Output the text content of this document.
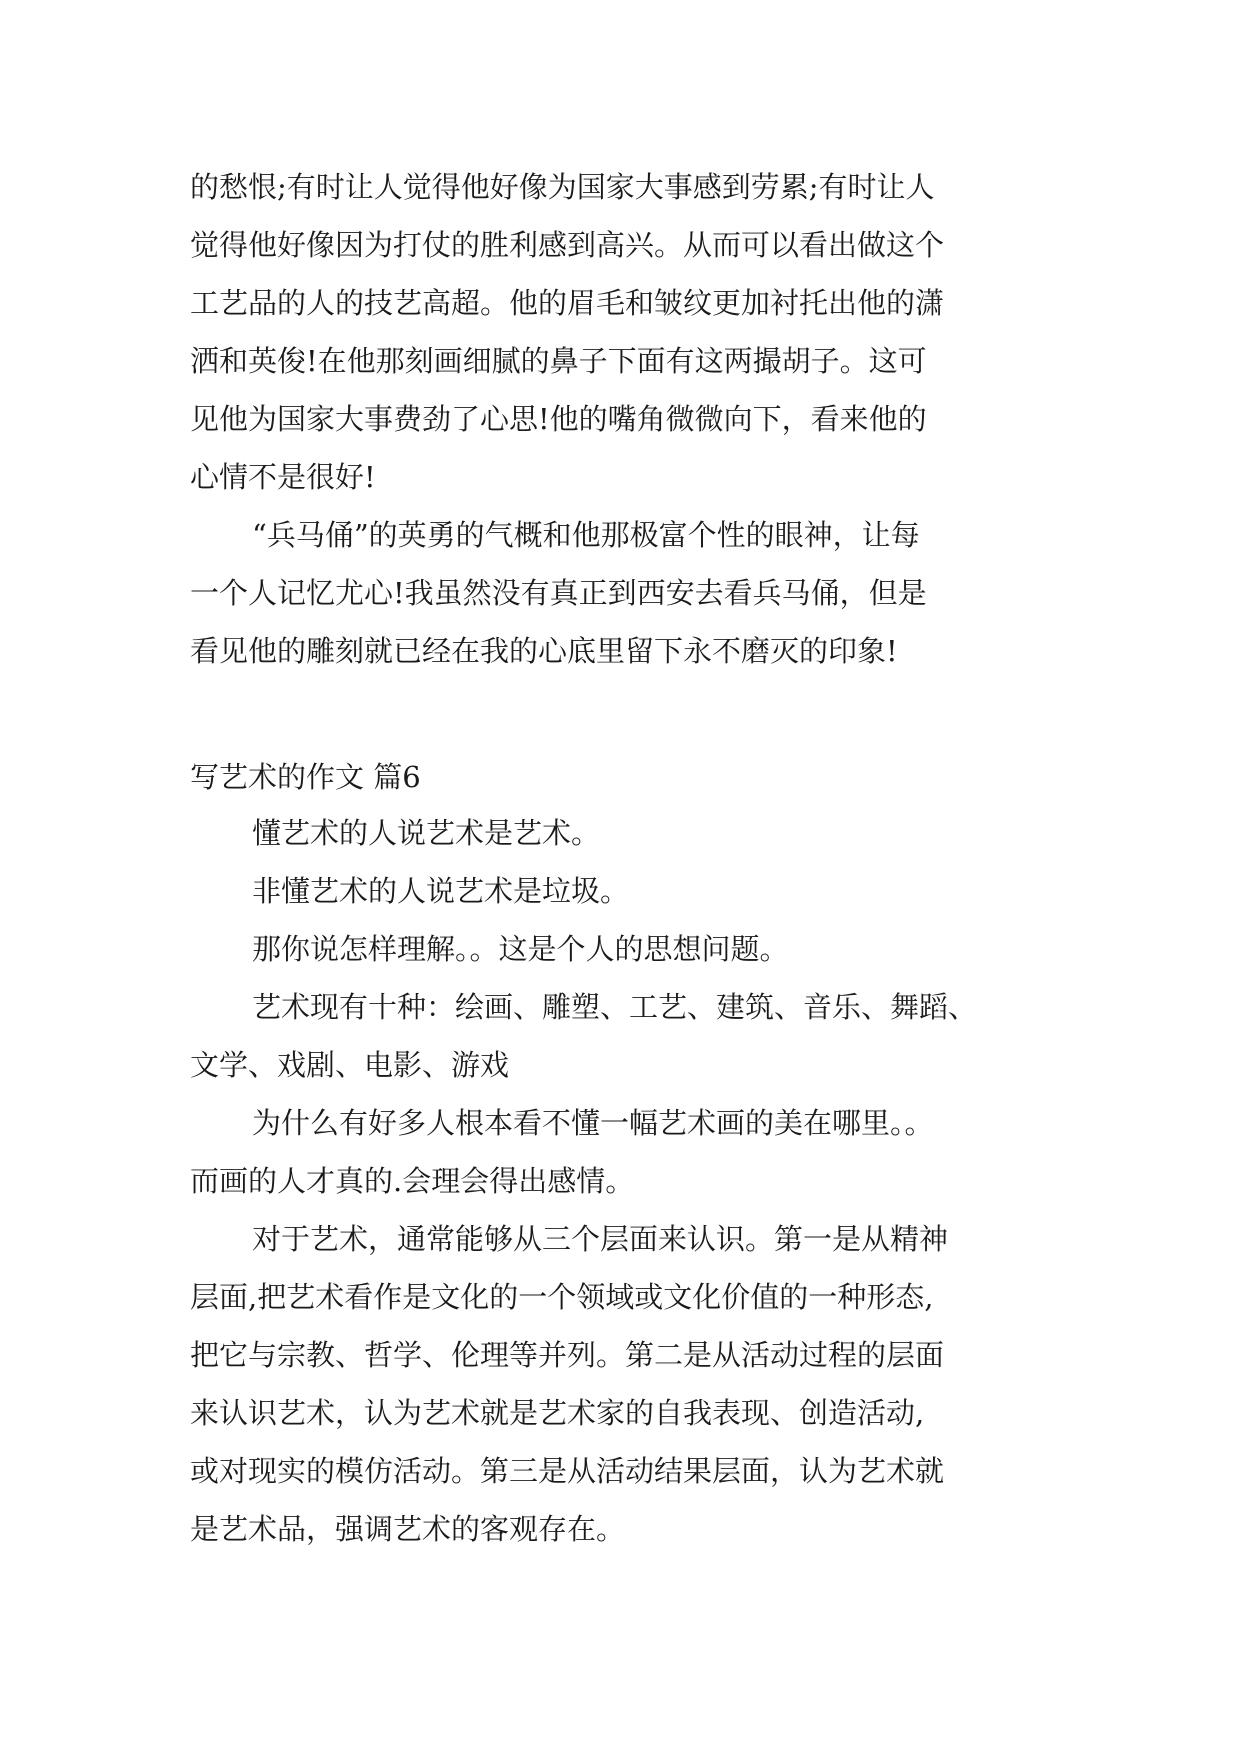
的愁恨;有时让人觉得他好像为国家大事感到劳累;有时让人
觉得他好像因为打仗的胜利感到高兴。从而可以看出做这个
工艺品的人的技艺高超。他的眉毛和皱纹更加衬托出他的潇
洒和英俊!在他那刻画细腻的鼻子下面有这两撮胡子。这可
见他为国家大事费劲了心思!他的嘴角微微向下，看来他的
心情不是很好!
“兵马俑”的英勇的气概和他那极富个性的眼神，让每
一个人记忆尤心!我虽然没有真正到西安去看兵马俑，但是
看见他的雕刻就已经在我的心底里留下永不磨灭的印象!
写艺术的作文 篇6
懂艺术的人说艺术是艺术。
非懂艺术的人说艺术是垃圾。
那你说怎样理解。。这是个人的思想问题。
艺术现有十种：绘画、雕塑、工艺、建筑、音乐、舞蹈、
文学、戏剧、电影、游戏
为什么有好多人根本看不懂一幅艺术画的美在哪里。。
而画的人才真的.会理会得出感情。
对于艺术，通常能够从三个层面来认识。第一是从精神
层面,把艺术看作是文化的一个领域或文化价值的一种形态,
把它与宗教、哲学、伦理等并列。第二是从活动过程的层面
来认识艺术，认为艺术就是艺术家的自我表现、创造活动,
或对现实的模仿活动。第三是从活动结果层面，认为艺术就
是艺术品，强调艺术的客观存在。
